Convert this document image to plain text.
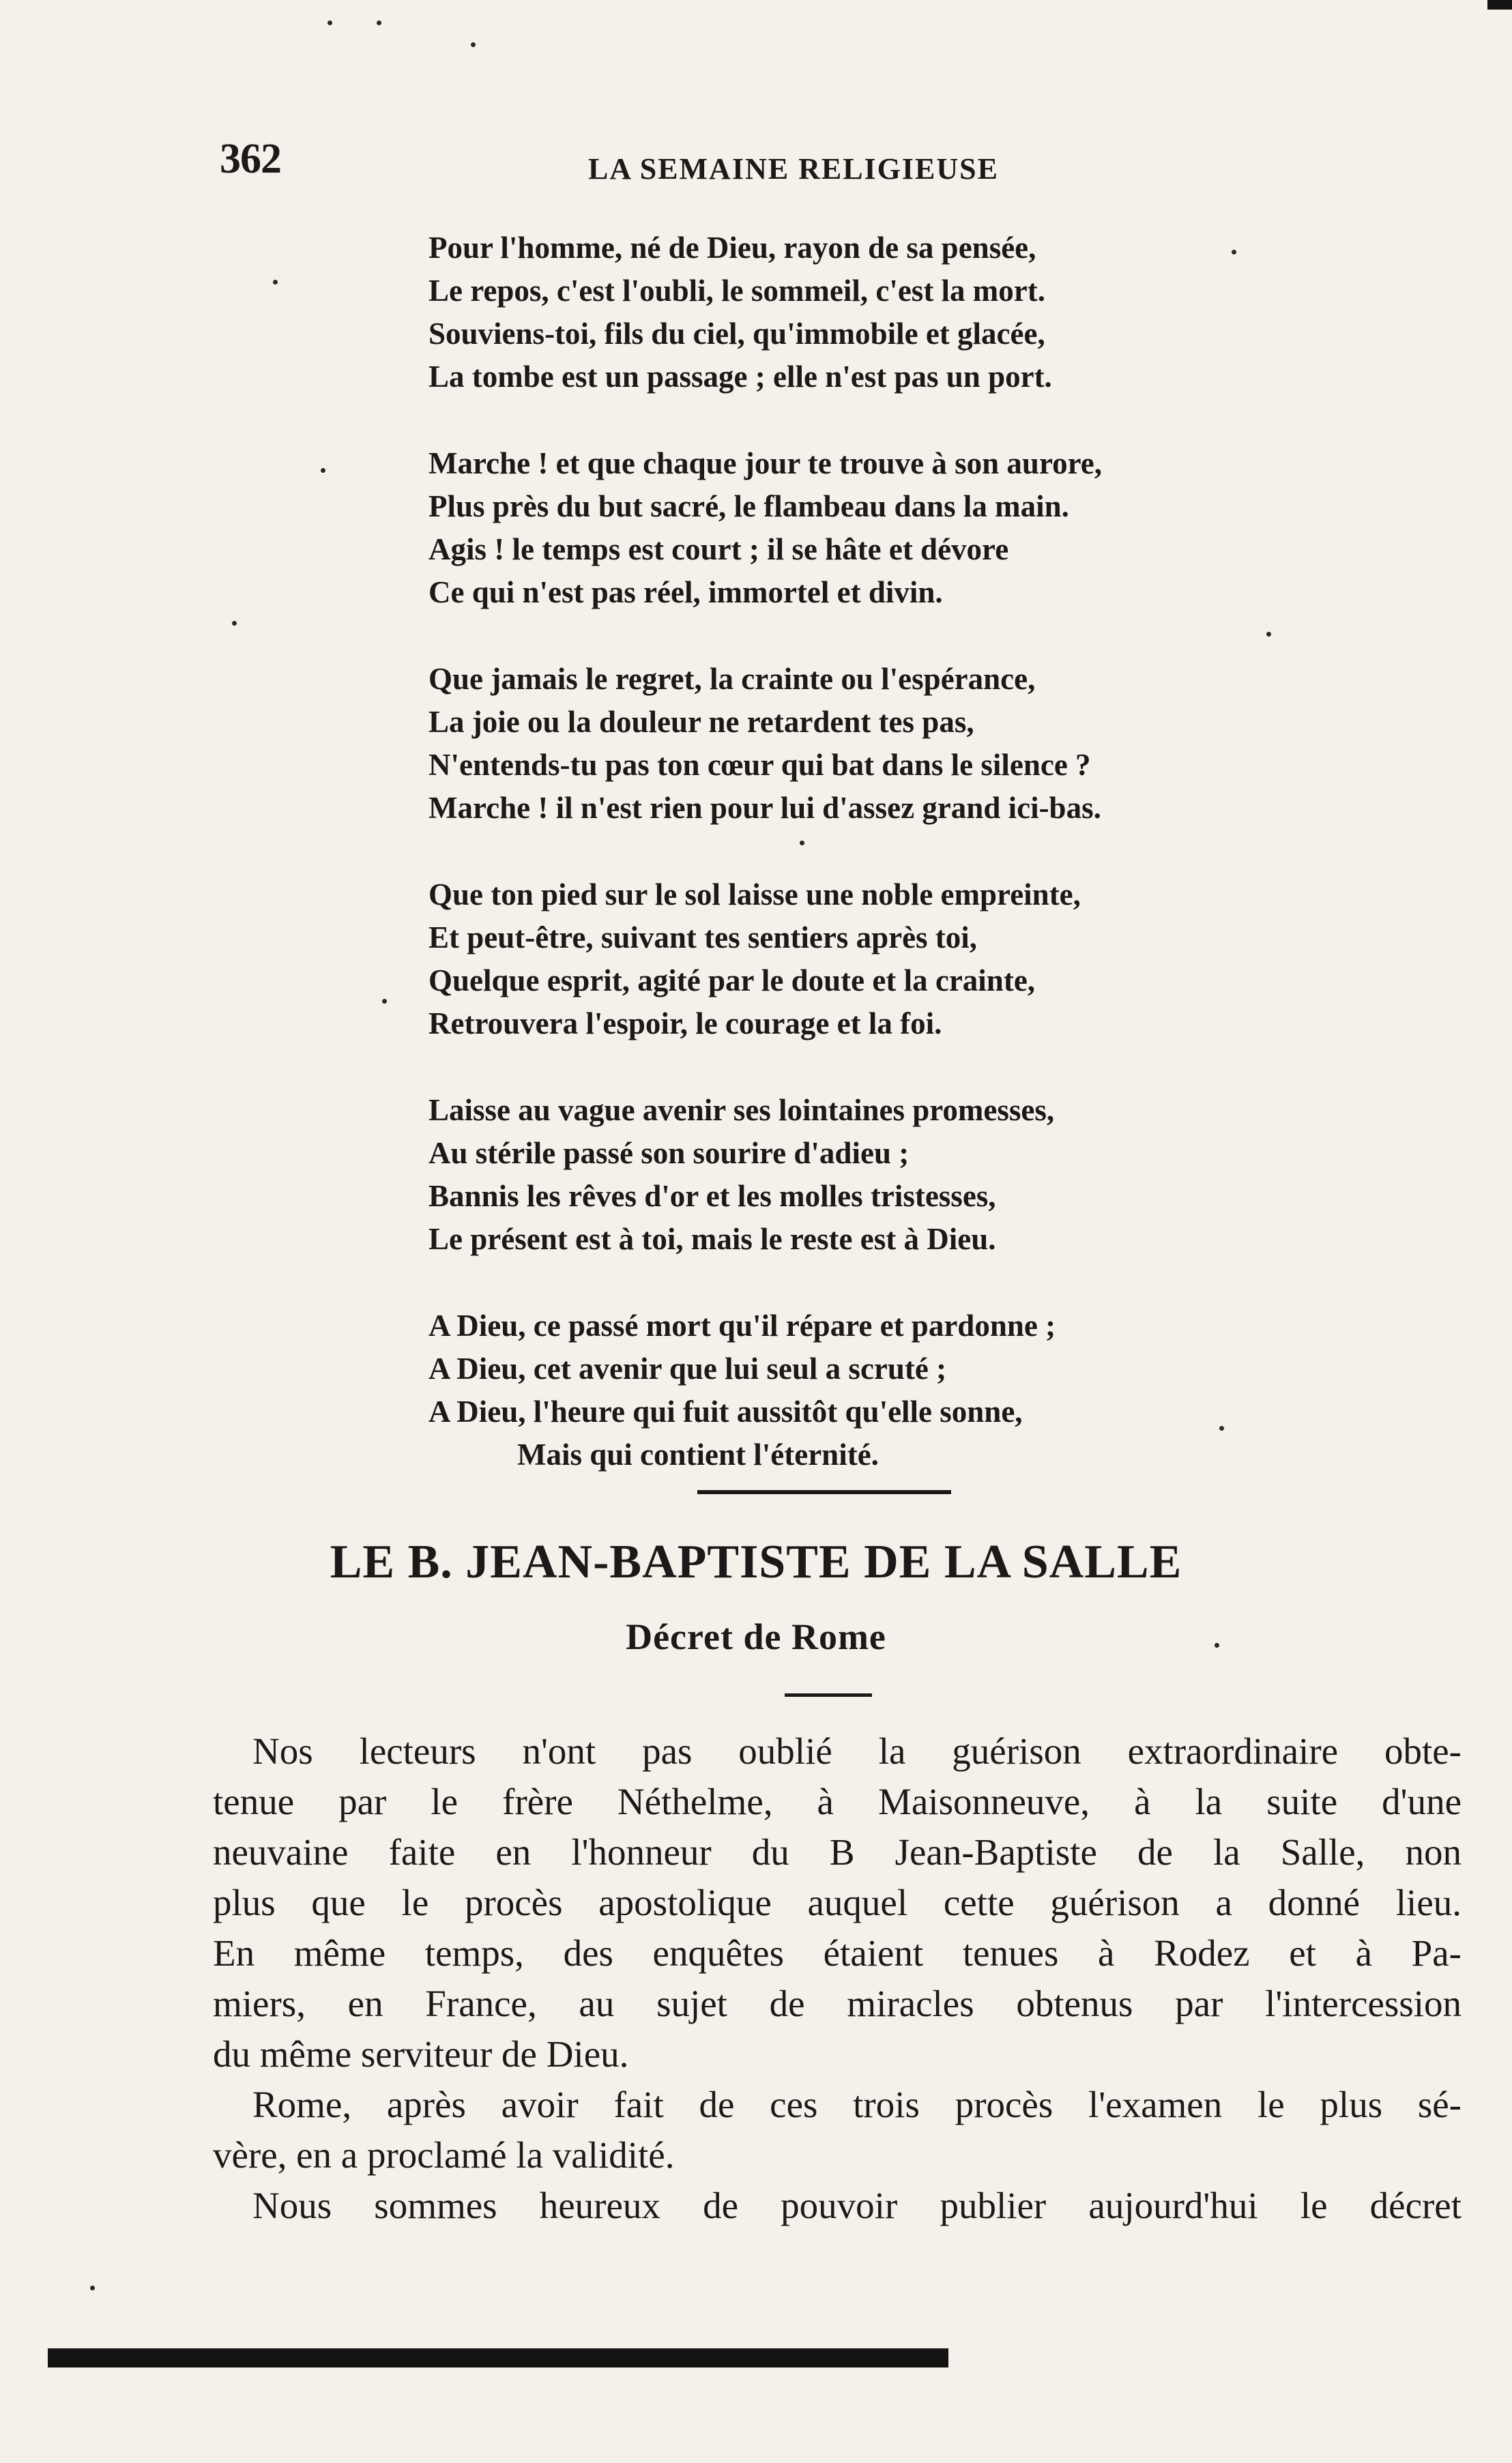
362	LA SEMAINE RELIGIEUSE
Pour l'homme, né de Dieu, rayon de sa pensée,
Le repos, c'est l'oubli, le sommeil, c'est la mort.
Souviens-toi, fils du ciel, qu'immobile et glacée,
La tombe est un passage ; elle n'est pas un port.
Marche ! et que chaque jour te trouve à son aurore,
Plus près du but sacré, le flambeau dans la main.
Agis ! le temps est court ; il se hâte et dévore
Ce qui n'est pas réel, immortel et divin.
Que jamais le regret, la crainte ou l'espérance,
La joie ou la douleur ne retardent tes pas,
N'entends-tu pas ton cœur qui bat dans le silence ?
Marche ! il n'est rien pour lui d'assez grand ici-bas.
Que ton pied sur le sol laisse une noble empreinte,
Et peut-être, suivant tes sentiers après toi,
Quelque esprit, agité par le doute et la crainte,
Retrouvera l'espoir, le courage et la foi.
Laisse au vague avenir ses lointaines promesses,
Au stérile passé son sourire d'adieu ;
Bannis les rêves d'or et les molles tristesses,
Le présent est à toi, mais le reste est à Dieu.
A Dieu, ce passé mort qu'il répare et pardonne ;
A Dieu, cet avenir que lui seul a scruté ;
A Dieu, l'heure qui fuit aussitôt qu'elle sonne,
Mais qui contient l'éternité.
LE B. JEAN-BAPTISTE DE LA SALLE
Décret de Rome
Nos lecteurs n'ont pas oublié la guérison extraordinaire obte-
tenue par le frère Néthelme, à Maisonneuve, à la suite d'une
neuvaine faite en l'honneur du B Jean-Baptiste de la Salle, non
plus que le procès apostolique auquel cette guérison a donné lieu.
En même temps, des enquêtes étaient tenues à Rodez et à Pa-
miers, en France, au sujet de miracles obtenus par l'intercession
du même serviteur de Dieu.
Rome, après avoir fait de ces trois procès l'examen le plus sé-
vère, en a proclamé la validité.
Nous sommes heureux de pouvoir publier aujourd'hui le décret
